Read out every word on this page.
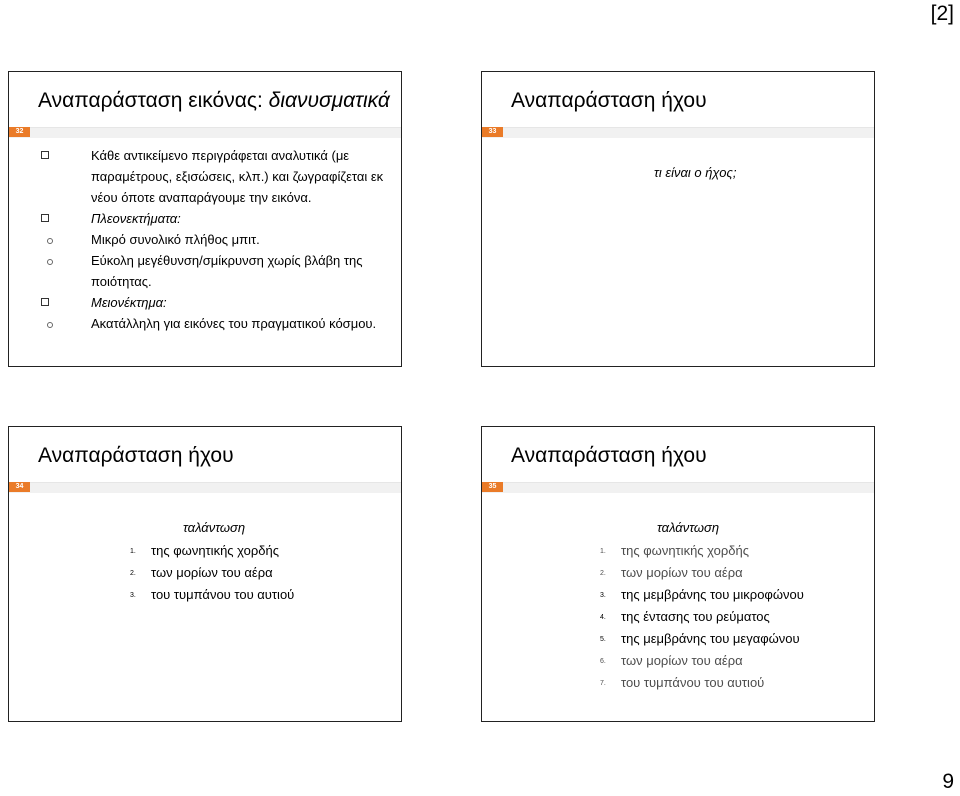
[2]
Αναπαράσταση εικόνας: διανυσματικά
32
Κάθε αντικείμενο περιγράφεται αναλυτικά (με
παραμέτρους, εξισώσεις, κλπ.) και ζωγραφίζεται εκ
νέου όποτε αναπαράγουμε την εικόνα.
Πλεονεκτήματα:
Μικρό συνολικό πλήθος μπιτ.
Εύκολη μεγέθυνση/σμίκρυνση χωρίς βλάβη της
ποιότητας.
Μειονέκτημα:
Ακατάλληλη για εικόνες του πραγματικού κόσμου.
Αναπαράσταση ήχου
33
τι είναι ο ήχος;
Αναπαράσταση ήχου
34
ταλάντωση
1. της φωνητικής χορδής
2. των μορίων του αέρα
3. του τυμπάνου του αυτιού
Αναπαράσταση ήχου
35
ταλάντωση
1. της φωνητικής χορδής
2. των μορίων του αέρα
3. της μεμβράνης του μικροφώνου
4. της έντασης του ρεύματος
5. της μεμβράνης του μεγαφώνου
6. των μορίων του αέρα
7. του τυμπάνου του αυτιού
9
